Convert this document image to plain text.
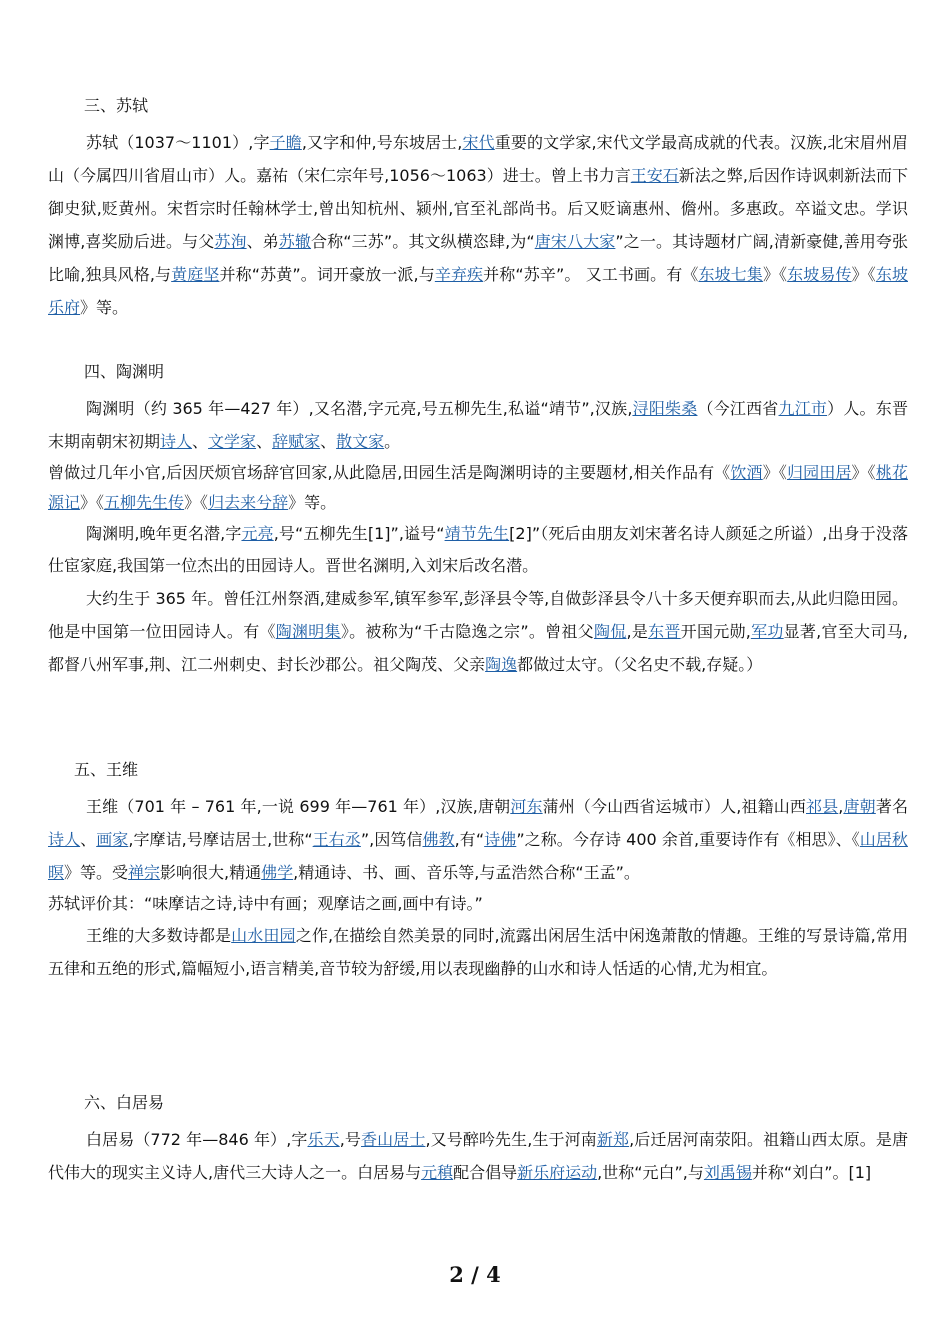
三、苏轼

苏轼（1037～1101）,字子瞻,又字和仲,号东坡居士,宋代重要的文学家,宋代文学最高成就的代表。汉族,北宋眉州眉山（今属四川省眉山市）人。嘉祐（宋仁宗年号,1056～1063）进士。曾上书力言王安石新法之弊,后因作诗讽刺新法而下御史狱,贬黄州。宋哲宗时任翰林学士,曾出知杭州、颍州,官至礼部尚书。后又贬谪惠州、儋州。多惠政。卒谥文忠。学识渊博,喜奖励后进。与父苏洵、弟苏辙合称“三苏”。其文纵横恣肆,为“唐宋八大家”之一。其诗题材广阔,清新豪健,善用夸张比喻,独具风格,与黄庭坚并称“苏黄”。词开豪放一派,与辛弃疾并称“苏辛”。 又工书画。有《东坡七集》《东坡易传》《东坡乐府》等。

四、陶渊明

陶渊明（约 365 年—427 年）,又名潜,字元亮,号五柳先生,私谥“靖节”,汉族,浔阳柴桑（今江西省九江市）人。东晋末期南朝宋初期诗人、文学家、辞赋家、散文家。

曾做过几年小官,后因厌烦官场辞官回家,从此隐居,田园生活是陶渊明诗的主要题材,相关作品有《饮酒》《归园田居》《桃花源记》《五柳先生传》《归去来兮辞》等。

陶渊明,晚年更名潜,字元亮,号“五柳先生[1]”,谥号“靖节先生[2]”（死后由朋友刘宋著名诗人颜延之所谥）,出身于没落仕宦家庭,我国第一位杰出的田园诗人。晋世名渊明,入刘宋后改名潜。

大约生于 365 年。曾任江州祭酒,建威参军,镇军参军,彭泽县令等,自做彭泽县令八十多天便弃职而去,从此归隐田园。他是中国第一位田园诗人。有《陶渊明集》。被称为“千古隐逸之宗”。曾祖父陶侃,是东晋开国元勋,军功显著,官至大司马,都督八州军事,荆、江二州刺史、封长沙郡公。祖父陶茂、父亲陶逸都做过太守。（父名史不载,存疑。）

五、王维

王维（701 年 – 761 年,一说 699 年—761 年）,汉族,唐朝河东蒲州（今山西省运城市）人,祖籍山西祁县,唐朝著名诗人、画家,字摩诘,号摩诘居士,世称“王右丞”,因笃信佛教,有“诗佛”之称。今存诗 400 余首,重要诗作有《相思》、《山居秋暝》等。受禅宗影响很大,精通佛学,精通诗、书、画、音乐等,与孟浩然合称“王孟”。

苏轼评价其：“味摩诘之诗,诗中有画；观摩诘之画,画中有诗。”

王维的大多数诗都是山水田园之作,在描绘自然美景的同时,流露出闲居生活中闲逸萧散的情趣。王维的写景诗篇,常用五律和五绝的形式,篇幅短小,语言精美,音节较为舒缓,用以表现幽静的山水和诗人恬适的心情,尤为相宜。

六、白居易

白居易（772 年—846 年）,字乐天,号香山居士,又号醉吟先生,生于河南新郑,后迁居河南荥阳。祖籍山西太原。是唐代伟大的现实主义诗人,唐代三大诗人之一。白居易与元稹配合倡导新乐府运动,世称“元白”,与刘禹锡并称“刘白”。[1]

2 / 4
